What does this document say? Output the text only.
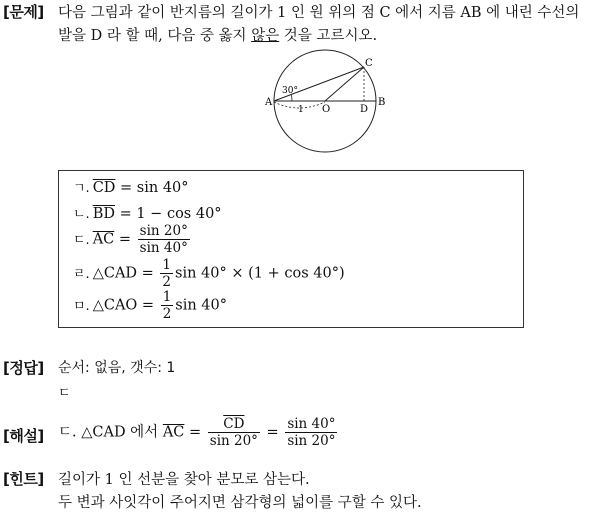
[문제] 다음 그림과 같이 반지름의 길이가 1 인 원 위의 점 C 에서 지름 AB 에 내린 수선의
발을 D 라 할 때, 다음 중 옳지 않은 것을 고르시오.
A	B
C
D
O
1
30°
ㄱ. $\overline{CD} = \sin 40^\circ$
ㄴ. $\overline{BD} = 1 - \cos 40^\circ$
ㄷ. $\overline{AC} = \frac{\sin 20^\circ}{\sin 40^\circ}$
ㄹ. △CAD = $\frac{1}{2}$ sin 40° × (1 + cos 40°)
ㅁ. △CAO = $\frac{1}{2}$ sin 40°
[정답] 순서: 없음, 갯수: 1
ㄷ
[해설] ㄷ. △CAD 에서 $\overline{AC} = \frac{\overline{CD}}{\sin 20^\circ} = \frac{\sin 40^\circ}{\sin 20^\circ}$
[힌트] 길이가 1 인 선분을 찾아 분모로 삼는다.
두 변과 사잇각이 주어지면 삼각형의 넓이를 구할 수 있다.
